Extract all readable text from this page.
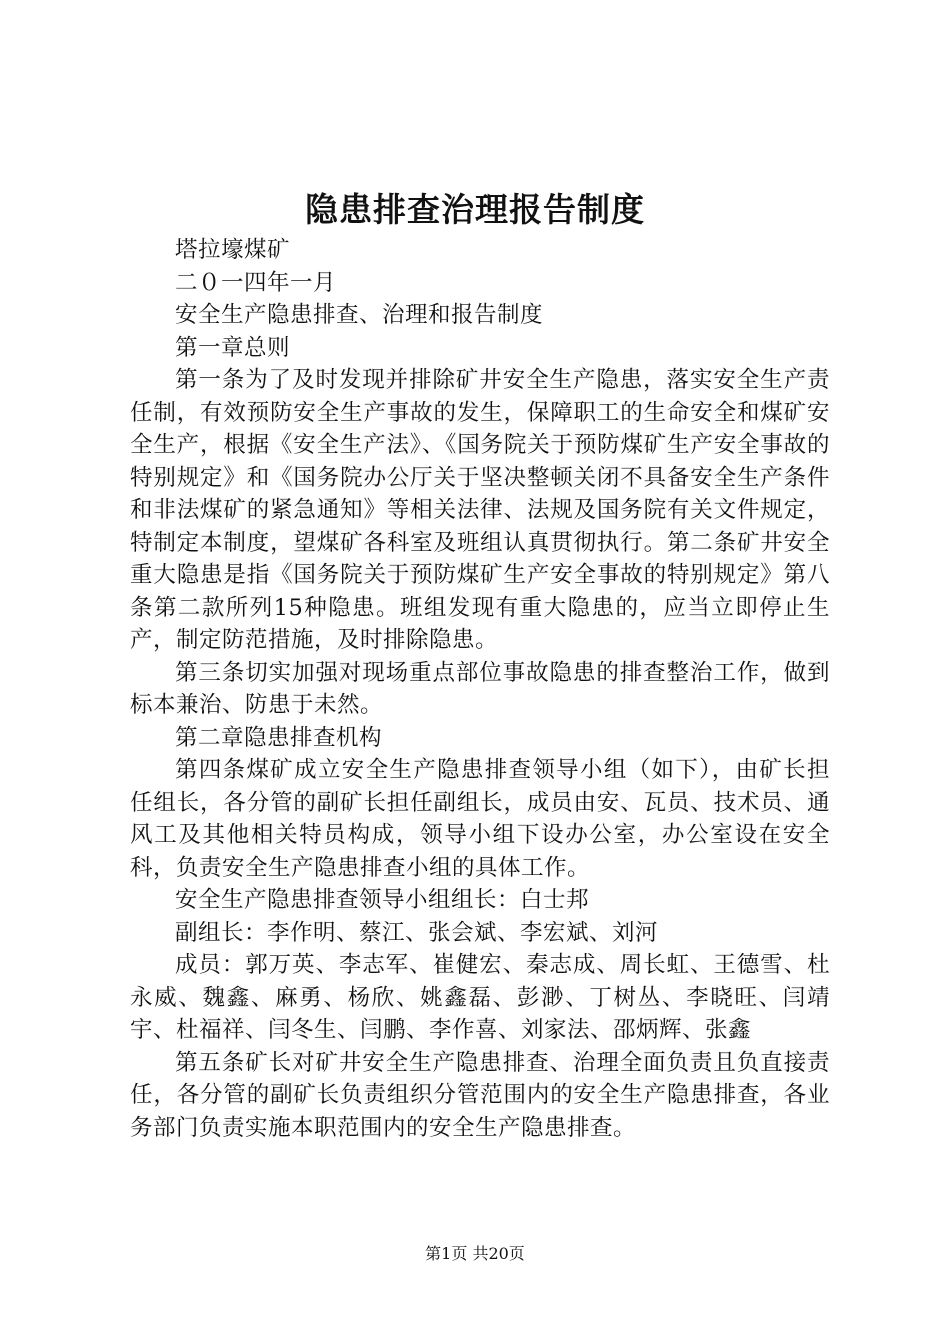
隐患排查治理报告制度

塔拉壕煤矿

二０一四年一月

安全生产隐患排查、治理和报告制度

第一章总则

第一条为了及时发现并排除矿井安全生产隐患，落实安全生产责任制，有效预防安全生产事故的发生，保障职工的生命安全和煤矿安全生产，根据《安全生产法》、《国务院关于预防煤矿生产安全事故的特别规定》和《国务院办公厅关于坚决整顿关闭不具备安全生产条件和非法煤矿的紧急通知》等相关法律、法规及国务院有关文件规定，特制定本制度，望煤矿各科室及班组认真贯彻执行。第二条矿井安全重大隐患是指《国务院关于预防煤矿生产安全事故的特别规定》第八条第二款所列15种隐患。班组发现有重大隐患的，应当立即停止生产，制定防范措施，及时排除隐患。

第三条切实加强对现场重点部位事故隐患的排查整治工作，做到标本兼治、防患于未然。

第二章隐患排查机构

第四条煤矿成立安全生产隐患排查领导小组（如下），由矿长担任组长，各分管的副矿长担任副组长，成员由安、瓦员、技术员、通风工及其他相关特员构成，领导小组下设办公室，办公室设在安全科，负责安全生产隐患排查小组的具体工作。

安全生产隐患排查领导小组组长：白士邦

副组长：李作明、蔡江、张会斌、李宏斌、刘河

成员：郭万英、李志军、崔健宏、秦志成、周长虹、王德雪、杜永威、魏鑫、麻勇、杨欣、姚鑫磊、彭渺、丁树丛、李晓旺、闫靖宇、杜福祥、闫冬生、闫鹏、李作喜、刘家法、邵炳辉、张鑫

第五条矿长对矿井安全生产隐患排查、治理全面负责且负直接责任，各分管的副矿长负责组织分管范围内的安全生产隐患排查，各业务部门负责实施本职范围内的安全生产隐患排查。

第1页 共20页
